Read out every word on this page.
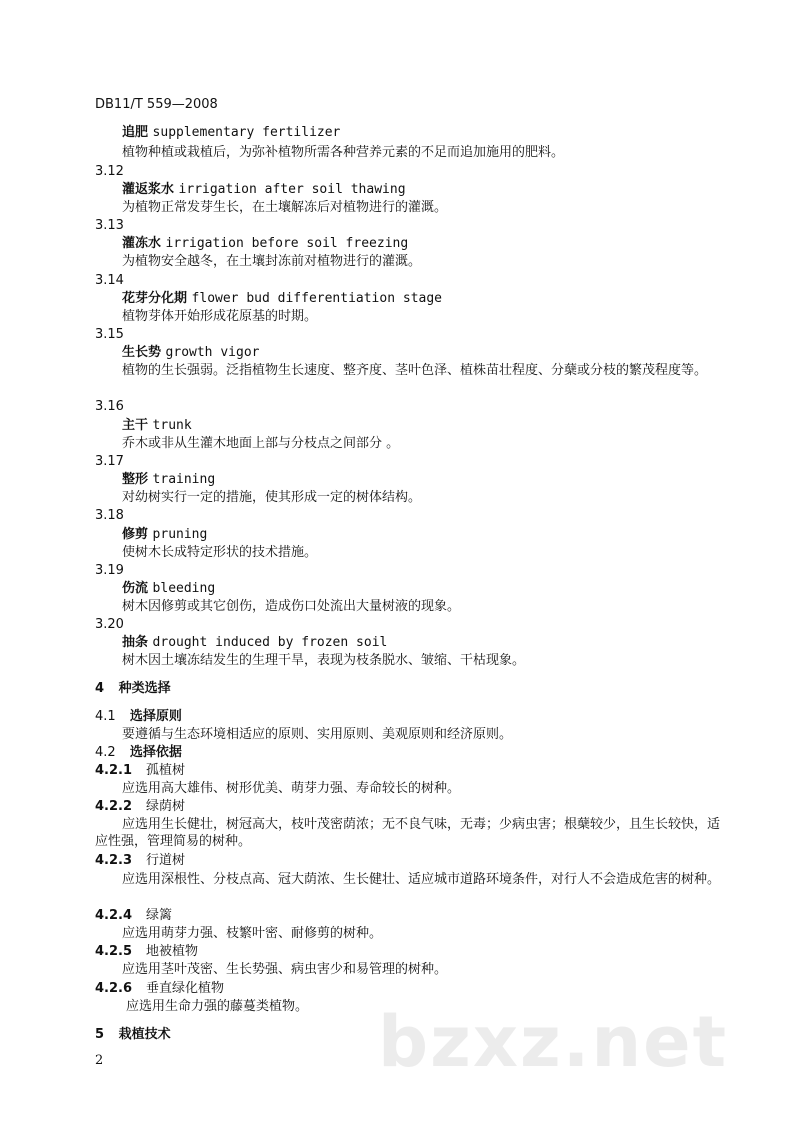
DB11/T 559—2008
追肥 supplementary fertilizer
植物种植或栽植后，为弥补植物所需各种营养元素的不足而追加施用的肥料。
3.12
灌返浆水 irrigation after soil thawing
为植物正常发芽生长，在土壤解冻后对植物进行的灌溉。
3.13
灌冻水 irrigation before soil freezing
为植物安全越冬，在土壤封冻前对植物进行的灌溉。
3.14
花芽分化期 flower bud differentiation stage
植物芽体开始形成花原基的时期。
3.15
生长势 growth vigor
植物的生长强弱。泛指植物生长速度、整齐度、茎叶色泽、植株苗壮程度、分蘖或分枝的繁茂程度等。
3.16
主干 trunk
乔木或非从生灌木地面上部与分枝点之间部分 。
3.17
整形 training
对幼树实行一定的措施，使其形成一定的树体结构。
3.18
修剪 pruning
使树木长成特定形状的技术措施。
3.19
伤流 bleeding
树木因修剪或其它创伤，造成伤口处流出大量树液的现象。
3.20
抽条 drought induced by frozen soil
树木因土壤冻结发生的生理干旱，表现为枝条脱水、皱缩、干枯现象。
4 种类选择
4.1 选择原则
要遵循与生态环境相适应的原则、实用原则、美观原则和经济原则。
4.2 选择依据
4.2.1 孤植树
应选用高大雄伟、树形优美、萌芽力强、寿命较长的树种。
4.2.2 绿荫树
应选用生长健壮，树冠高大，枝叶茂密荫浓；无不良气味，无毒；少病虫害；根蘖较少，且生长较快，适应性强，管理简易的树种。
4.2.3 行道树
应选用深根性、分枝点高、冠大荫浓、生长健壮、适应城市道路环境条件，对行人不会造成危害的树种。
4.2.4 绿篱
应选用萌芽力强、枝繁叶密、耐修剪的树种。
4.2.5 地被植物
应选用茎叶茂密、生长势强、病虫害少和易管理的树种。
4.2.6 垂直绿化植物
应选用生命力强的藤蔓类植物。
5 栽植技术	bzxz.net
2
